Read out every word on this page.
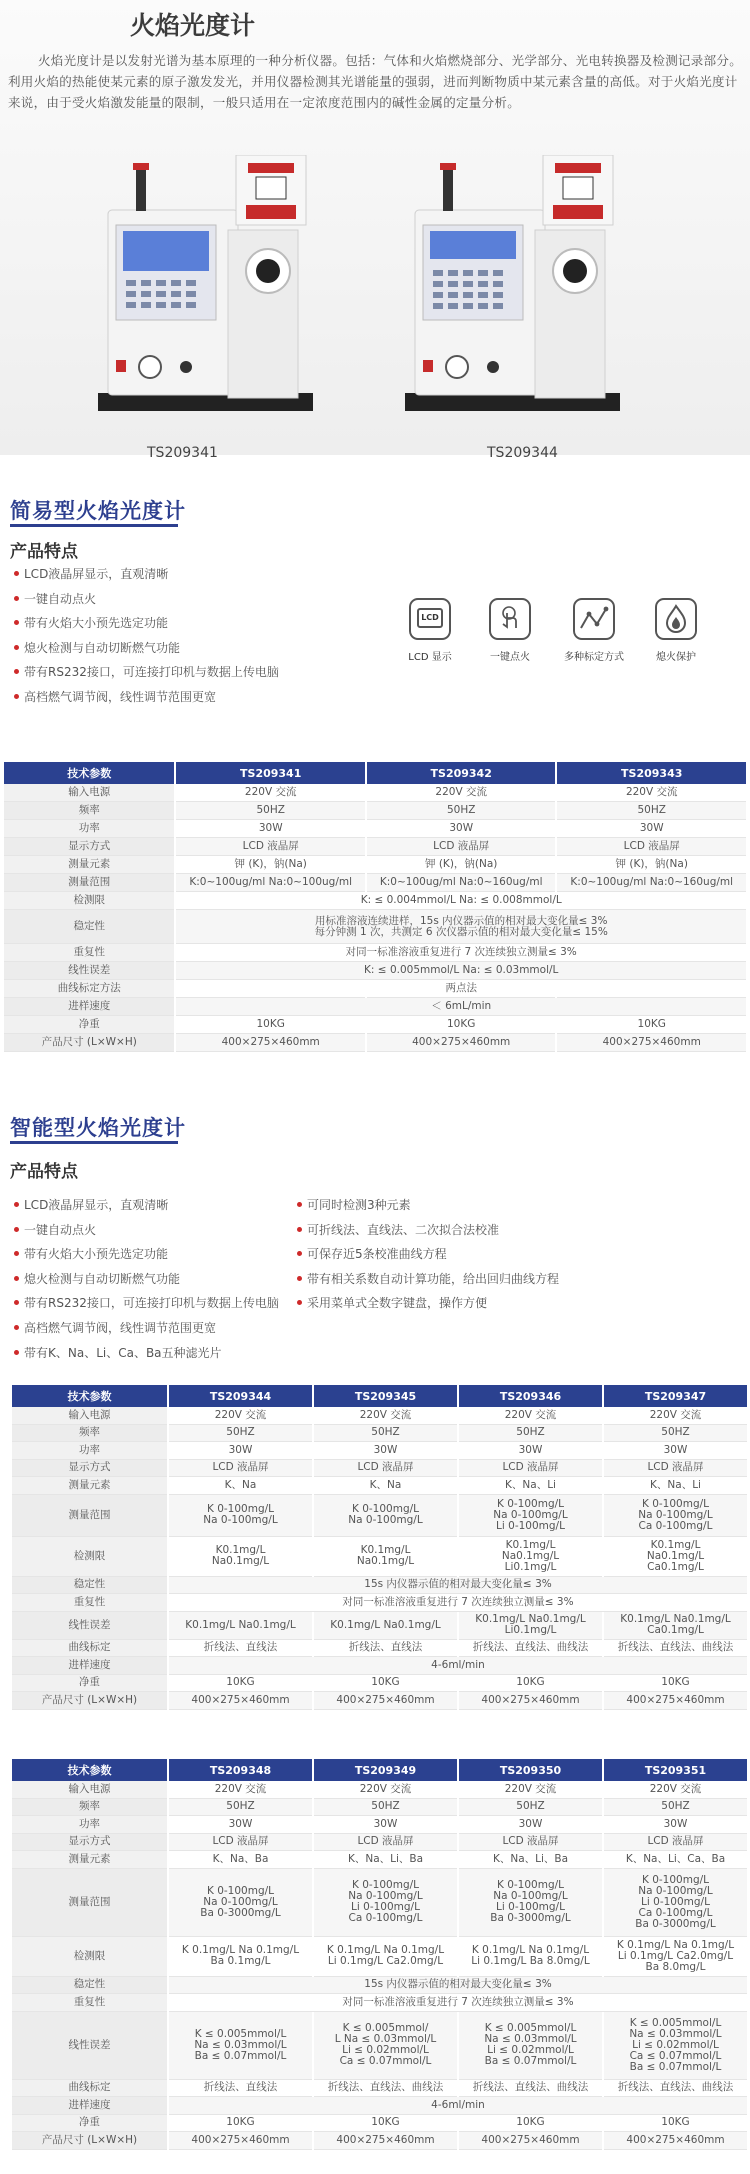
火焰光度计

火焰光度计是以发射光谱为基本原理的一种分析仪器。包括：气体和火焰燃烧部分、光学部分、光电转换器及检测记录部分。利用火焰的热能使某元素的原子激发发光，并用仪器检测其光谱能量的强弱，进而判断物质中某元素含量的高低。对于火焰光度计来说，由于受火焰激发能量的限制，一般只适用在一定浓度范围内的碱性金属的定量分析。

TS209341	TS209344
简易型火焰光度计
产品特点
LCD液晶屏显示，直观清晰
一键自动点火
带有火焰大小预先选定功能
熄火检测与自动切断燃气功能
带有RS232接口，可连接打印机与数据上传电脑
高档燃气调节阀，线性调节范围更宽
LCD
LCD 显示	一键点火	多种标定方式	熄火保护
技术参数	TS209341	TS209342	TS209343
输入电源	220V 交流	220V 交流	220V 交流
频率	50HZ	50HZ	50HZ
功率	30W	30W	30W
显示方式	LCD 液晶屏	LCD 液晶屏	LCD 液晶屏
测量元素	钾 (K)，钠(Na)	钾 (K)，钠(Na)	钾 (K)，钠(Na)
测量范围	K:0~100ug/ml Na:0~100ug/ml	K:0~100ug/ml Na:0~160ug/ml	K:0~100ug/ml Na:0~160ug/ml
检测限	K: ≤ 0.004mmol/L Na: ≤ 0.008mmol/L		
稳定性	用标准溶液连续进样，15s 内仪器示值的相对最大变化量≤ 3%
每分钟测 1 次，共测定 6 次仪器示值的相对最大变化量≤ 15%		
重复性	对同一标准溶液重复进行 7 次连续独立测量≤ 3%		
线性误差	K: ≤ 0.005mmol/L Na: ≤ 0.03mmol/L		
曲线标定方法		两点法	
进样速度	＜ 6mL/min		
净重	10KG	10KG	10KG
产品尺寸 (L×W×H)	400×275×460mm	400×275×460mm	400×275×460mm
智能型火焰光度计
产品特点
LCD液晶屏显示，直观清晰
一键自动点火
带有火焰大小预先选定功能
熄火检测与自动切断燃气功能
带有RS232接口，可连接打印机与数据上传电脑
高档燃气调节阀，线性调节范围更宽
带有K、Na、Li、Ca、Ba五种滤光片
可同时检测3种元素
可折线法、直线法、二次拟合法校准
可保存近5条校准曲线方程
带有相关系数自动计算功能，给出回归曲线方程
采用菜单式全数字键盘，操作方便
技术参数	TS209344	TS209345	TS209346	TS209347
输入电源	220V 交流	220V 交流	220V 交流	220V 交流
频率	50HZ	50HZ	50HZ	50HZ
功率	30W	30W	30W	30W
显示方式	LCD 液晶屏	LCD 液晶屏	LCD 液晶屏	LCD 液晶屏
测量元素	K、Na	K、Na	K、Na、Li	K、Na、Li
测量范围	K 0-100mg/L
Na 0-100mg/L	K 0-100mg/L
Na 0-100mg/L	K 0-100mg/L
Na 0-100mg/L
Li 0-100mg/L	K 0-100mg/L
Na 0-100mg/L
Ca 0-100mg/L
检测限	K0.1mg/L
Na0.1mg/L	K0.1mg/L
Na0.1mg/L	K0.1mg/L
Na0.1mg/L
Li0.1mg/L	K0.1mg/L
Na0.1mg/L
Ca0.1mg/L
稳定性	15s 内仪器示值的相对最大变化量≤ 3%			
重复性	对同一标准溶液重复进行 7 次连续独立测量≤ 3%			
线性误差	K0.1mg/L Na0.1mg/L	K0.1mg/L Na0.1mg/L	K0.1mg/L Na0.1mg/L
Li0.1mg/L	K0.1mg/L Na0.1mg/L
Ca0.1mg/L
曲线标定	折线法、直线法	折线法、直线法	折线法、直线法、曲线法	折线法、直线法、曲线法
进样速度	4-6ml/min			
净重	10KG	10KG	10KG	10KG
产品尺寸 (L×W×H)	400×275×460mm	400×275×460mm	400×275×460mm	400×275×460mm
技术参数	TS209348	TS209349	TS209350	TS209351
输入电源	220V 交流	220V 交流	220V 交流	220V 交流
频率	50HZ	50HZ	50HZ	50HZ
功率	30W	30W	30W	30W
显示方式	LCD 液晶屏	LCD 液晶屏	LCD 液晶屏	LCD 液晶屏
测量元素	K、Na、Ba	K、Na、Li、Ba	K、Na、Li、Ba	K、Na、Li、Ca、Ba
测量范围	K 0-100mg/L
Na 0-100mg/L
Ba 0-3000mg/L	K 0-100mg/L
Na 0-100mg/L
Li 0-100mg/L
Ca 0-100mg/L	K 0-100mg/L
Na 0-100mg/L
Li 0-100mg/L
Ba 0-3000mg/L	K 0-100mg/L
Na 0-100mg/L
Li 0-100mg/L
Ca 0-100mg/L
Ba 0-3000mg/L
检测限	K 0.1mg/L Na 0.1mg/L
Ba 0.1mg/L	K 0.1mg/L Na 0.1mg/L
Li 0.1mg/L Ca2.0mg/L	K 0.1mg/L Na 0.1mg/L
Li 0.1mg/L Ba 8.0mg/L	K 0.1mg/L Na 0.1mg/L
Li 0.1mg/L Ca2.0mg/L
Ba 8.0mg/L
稳定性	15s 内仪器示值的相对最大变化量≤ 3%			
重复性	对同一标准溶液重复进行 7 次连续独立测量≤ 3%			
线性误差	K ≤ 0.005mmol/L
Na ≤ 0.03mmol/L
Ba ≤ 0.07mmol/L	K ≤ 0.005mmol/
L Na ≤ 0.03mmol/L
Li ≤ 0.02mmol/L
Ca ≤ 0.07mmol/L	K ≤ 0.005mmol/L
Na ≤ 0.03mmol/L
Li ≤ 0.02mmol/L
Ba ≤ 0.07mmol/L	K ≤ 0.005mmol/L
Na ≤ 0.03mmol/L
Li ≤ 0.02mmol/L
Ca ≤ 0.07mmol/L
Ba ≤ 0.07mmol/L
曲线标定	折线法、直线法	折线法、直线法、曲线法	折线法、直线法、曲线法	折线法、直线法、曲线法
进样速度	4-6ml/min			
净重	10KG	10KG	10KG	10KG
产品尺寸 (L×W×H)	400×275×460mm	400×275×460mm	400×275×460mm	400×275×460mm
